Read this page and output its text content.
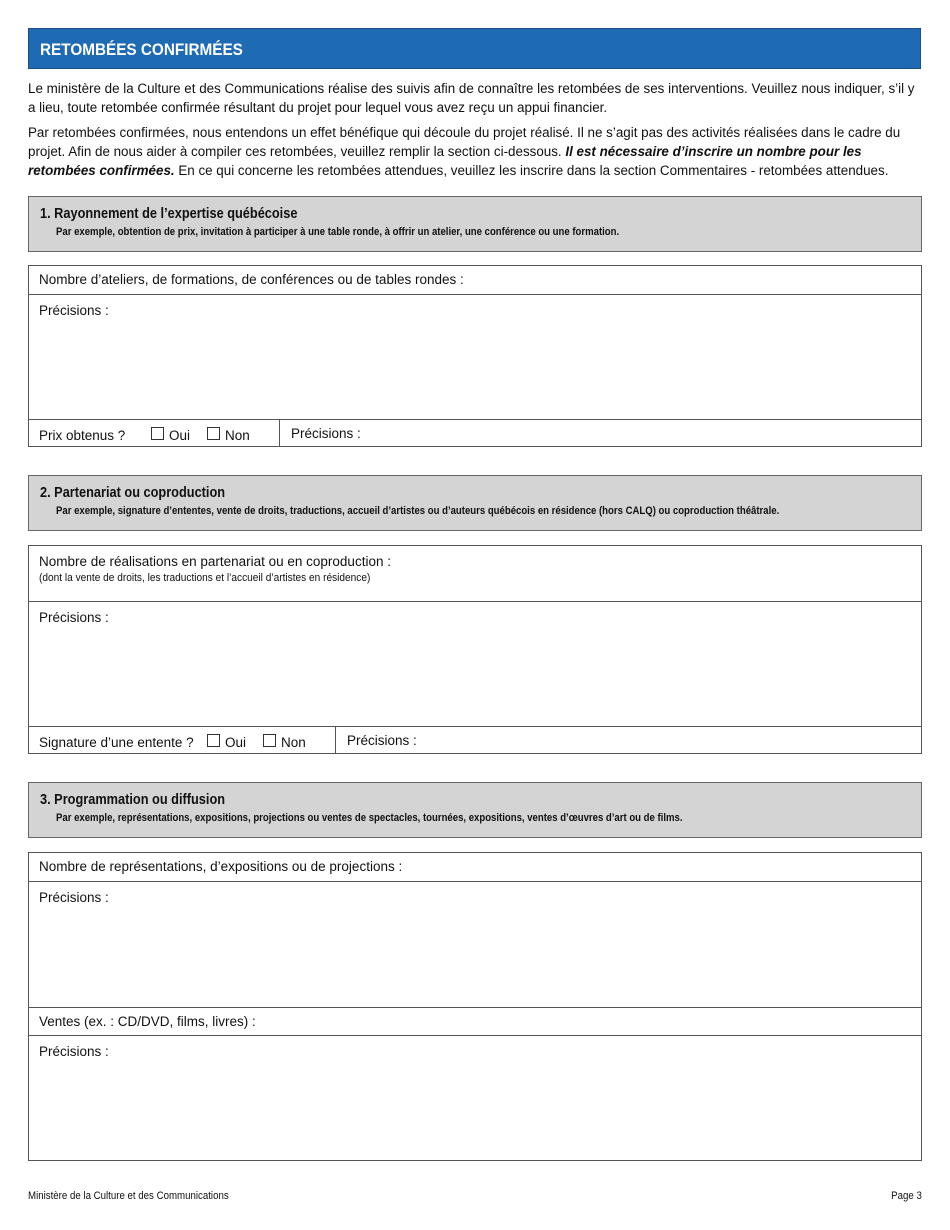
RETOMBÉES CONFIRMÉES

Le ministère de la Culture et des Communications réalise des suivis afin de connaître les retombées de ses interventions. Veuillez nous indiquer, s’il y a lieu, toute retombée confirmée résultant du projet pour lequel vous avez reçu un appui financier.

Par retombées confirmées, nous entendons un effet bénéfique qui découle du projet réalisé. Il ne s’agit pas des activités réalisées dans le cadre du projet. Afin de nous aider à compiler ces retombées, veuillez remplir la section ci-dessous. Il est nécessaire d’inscrire un nombre pour les retombées confirmées. En ce qui concerne les retombées attendues, veuillez les inscrire dans la section Commentaires - retombées attendues.

1. Rayonnement de l’expertise québécoise
Par exemple, obtention de prix, invitation à participer à une table ronde, à offrir un atelier, une conférence ou une formation.
Nombre d’ateliers, de formations, de conférences ou de tables rondes :
Précisions :
Prix obtenus ?	Oui	Non	Précisions :
2. Partenariat ou coproduction
Par exemple, signature d’ententes, vente de droits, traductions, accueil d’artistes ou d’auteurs québécois en résidence (hors CALQ) ou coproduction théâtrale.
Nombre de réalisations en partenariat ou en coproduction :
(dont la vente de droits, les traductions et l’accueil d’artistes en résidence)
Précisions :
Signature d’une entente ? Oui	Non	Précisions :
3. Programmation ou diffusion
Par exemple, représentations, expositions, projections ou ventes de spectacles, tournées, expositions, ventes d’œuvres d’art ou de films.
Nombre de représentations, d’expositions ou de projections :
Précisions :
Ventes (ex. : CD/DVD, films, livres) :
Précisions :
Ministère de la Culture et des Communications	Page 3
